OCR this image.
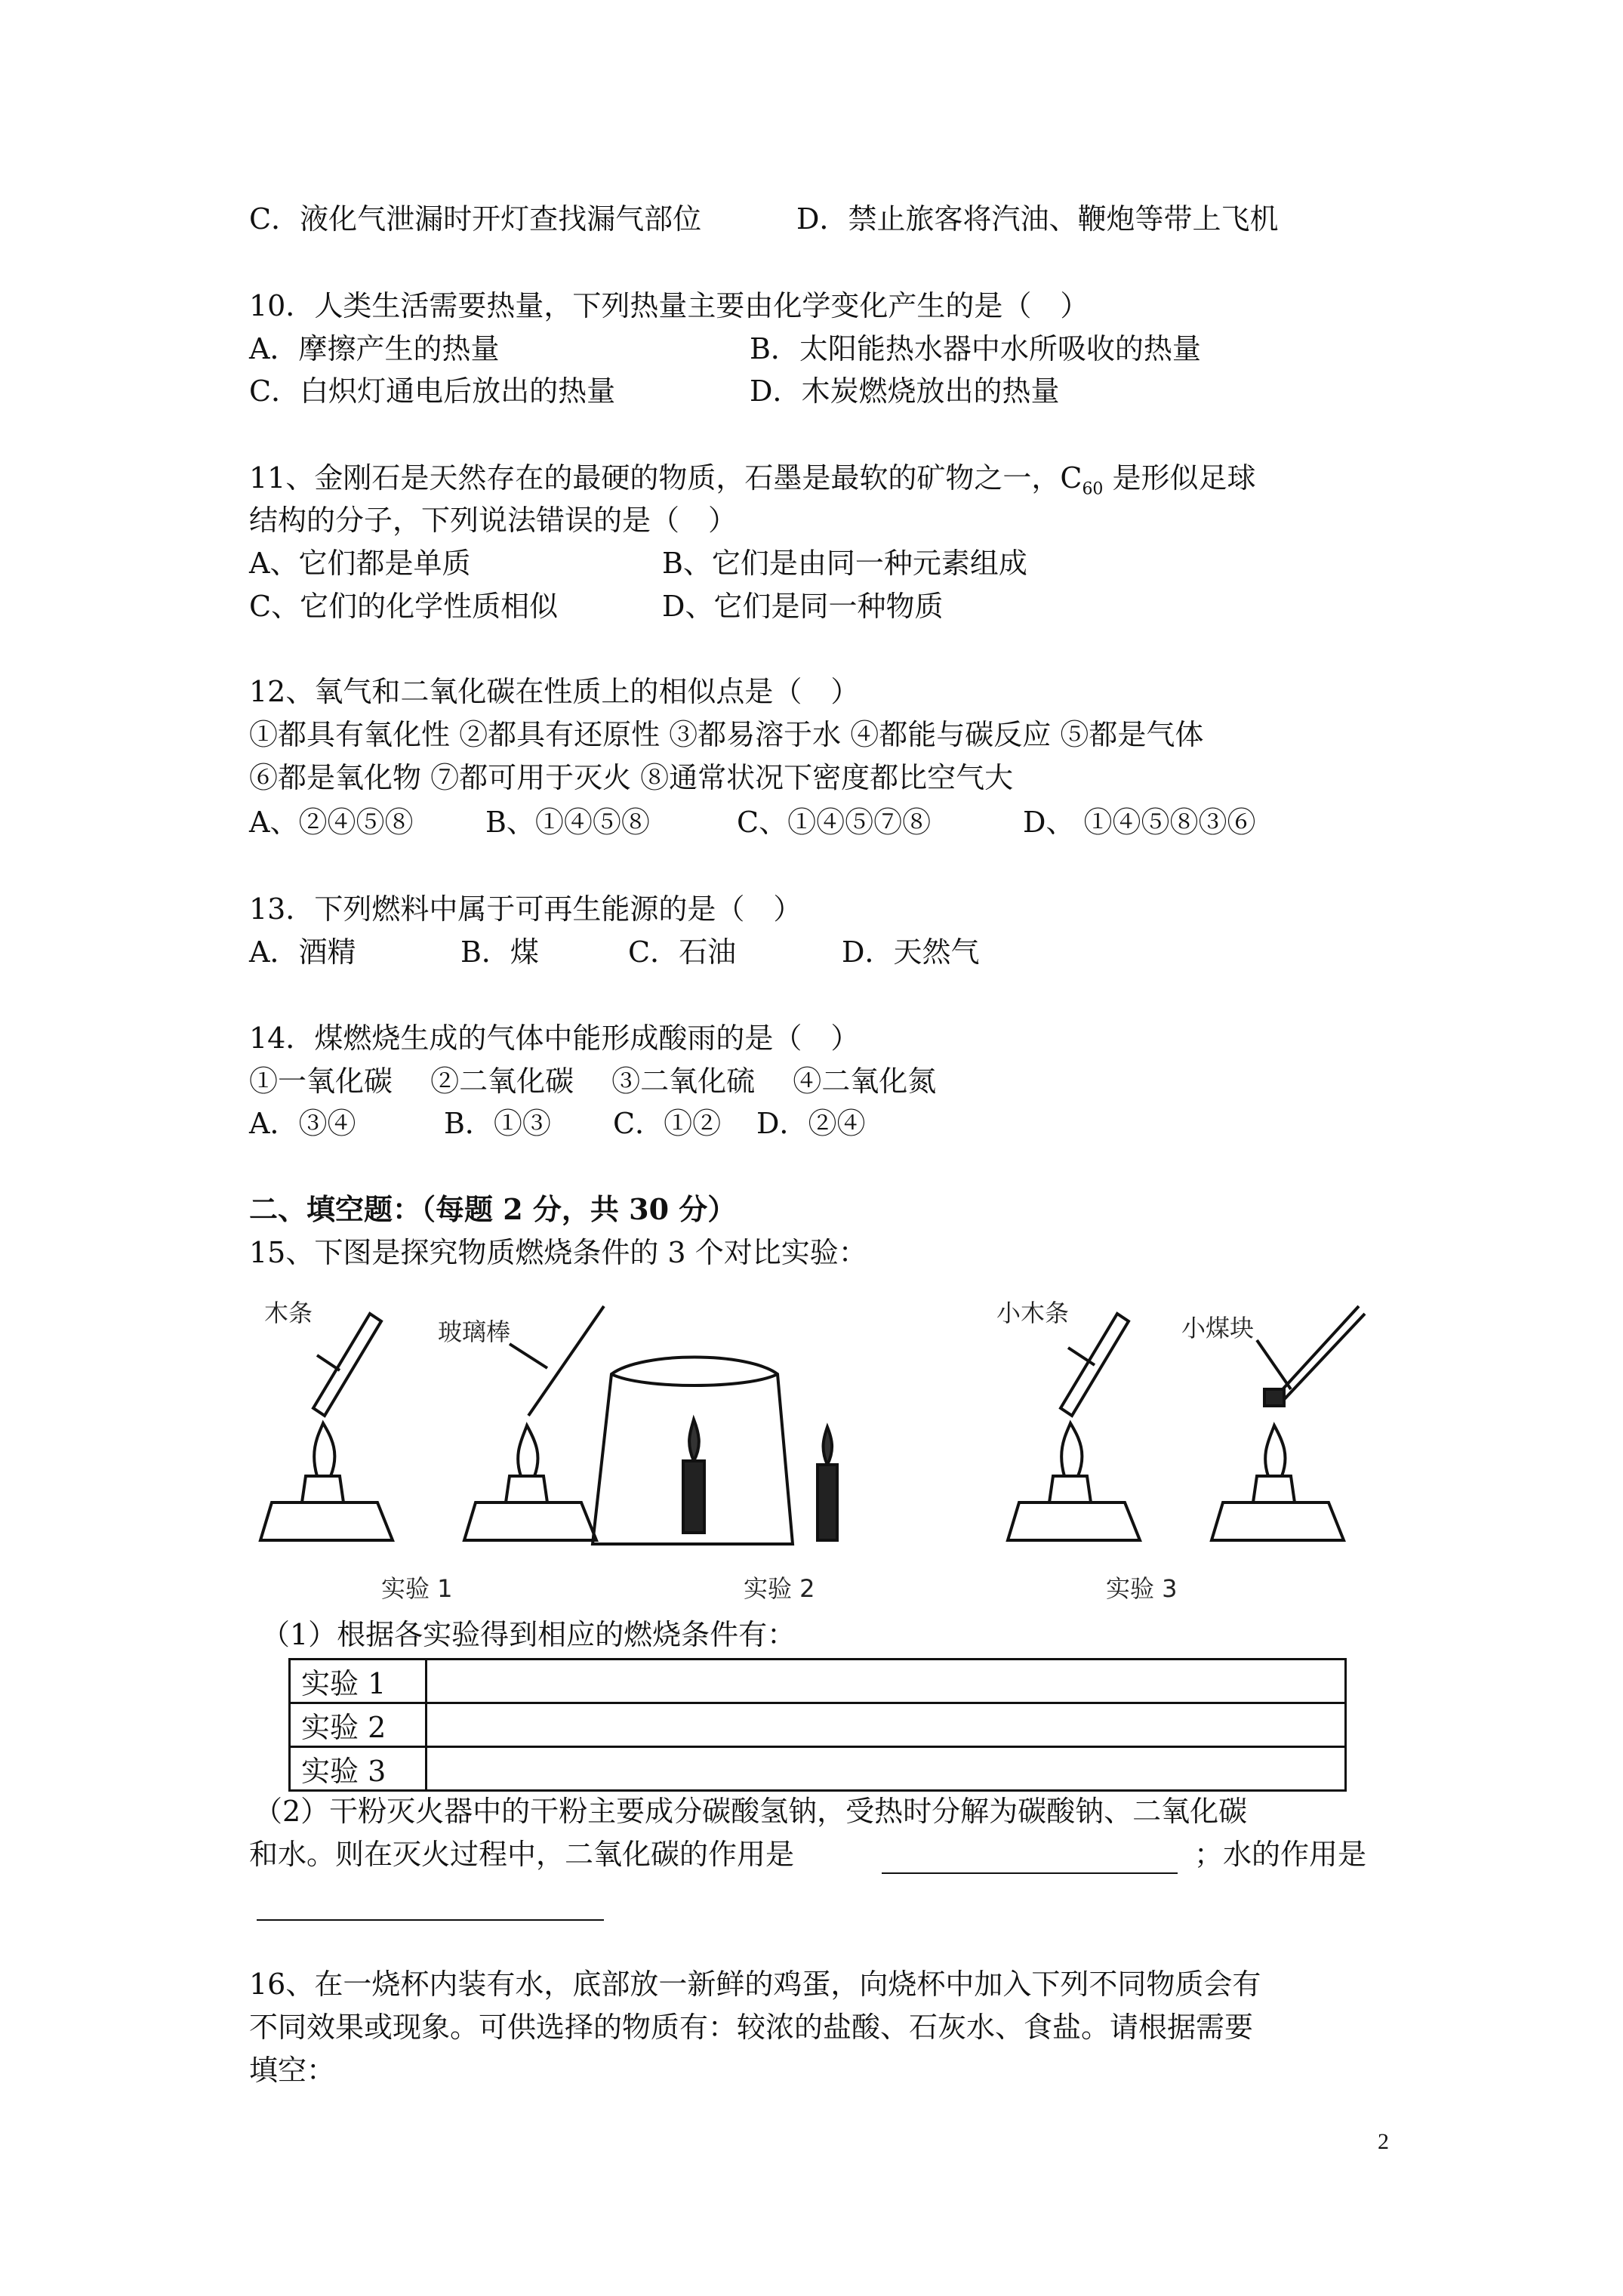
C．液化气泄漏时开灯查找漏气部位	D．禁止旅客将汽油、鞭炮等带上飞机
10．人类生活需要热量，下列热量主要由化学变化产生的是（　）
A．摩擦产生的热量	B．太阳能热水器中水所吸收的热量
C．白炽灯通电后放出的热量	D．木炭燃烧放出的热量
11、金刚石是天然存在的最硬的物质，石墨是最软的矿物之一，$C_{60}$ 是形似足球
结构的分子，下列说法错误的是（　）
A、它们都是单质	B、它们是由同一种元素组成
C、它们的化学性质相似	D、它们是同一种物质
12、氧气和二氧化碳在性质上的相似点是（　）
①都具有氧化性 ②都具有还原性 ③都易溶于水 ④都能与碳反应 ⑤都是气体
⑥都是氧化物 ⑦都可用于灭火 ⑧通常状况下密度都比空气大
A、②④⑤⑧	B、①④⑤⑧	C、①④⑤⑦⑧	D、 ①④⑤⑧③⑥
13．下列燃料中属于可再生能源的是（　）
A．酒精	B．煤	C．石油	D．天然气
14．煤燃烧生成的气体中能形成酸雨的是（　）
①一氧化碳　 ②二氧化碳　 ③二氧化硫　 ④二氧化氮
A．③④	B．①③ C．①② D．②④
二、填空题：（每题 2 分，共 30 分）
15、下图是探究物质燃烧条件的 3 个对比实验：
木条
玻璃棒
小木条
小煤块
实验 1	实验 2	实验 3
（1）根据各实验得到相应的燃烧条件有：
实验 1	
实验 2	
实验 3	
（2）干粉灭火器中的干粉主要成分碳酸氢钠，受热时分解为碳酸钠、二氧化碳
和水。则在灭火过程中，二氧化碳的作用是	；水的作用是
16、在一烧杯内装有水，底部放一新鲜的鸡蛋，向烧杯中加入下列不同物质会有
不同效果或现象。可供选择的物质有：较浓的盐酸、石灰水、食盐。请根据需要
填空：
2
